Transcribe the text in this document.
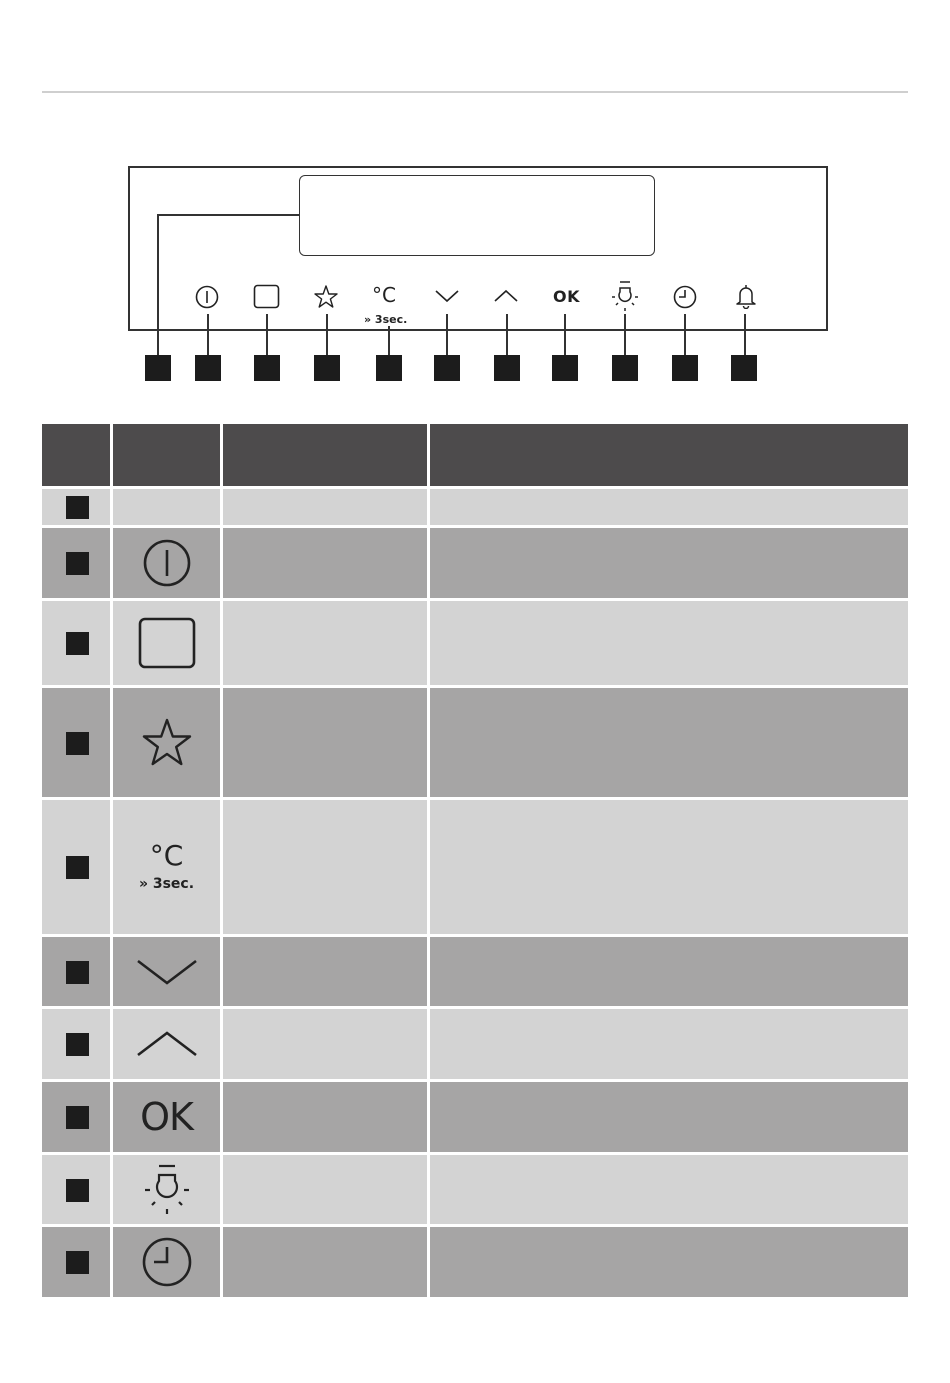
°C
» 3sec.
OK
°C
» 3sec.
OK
